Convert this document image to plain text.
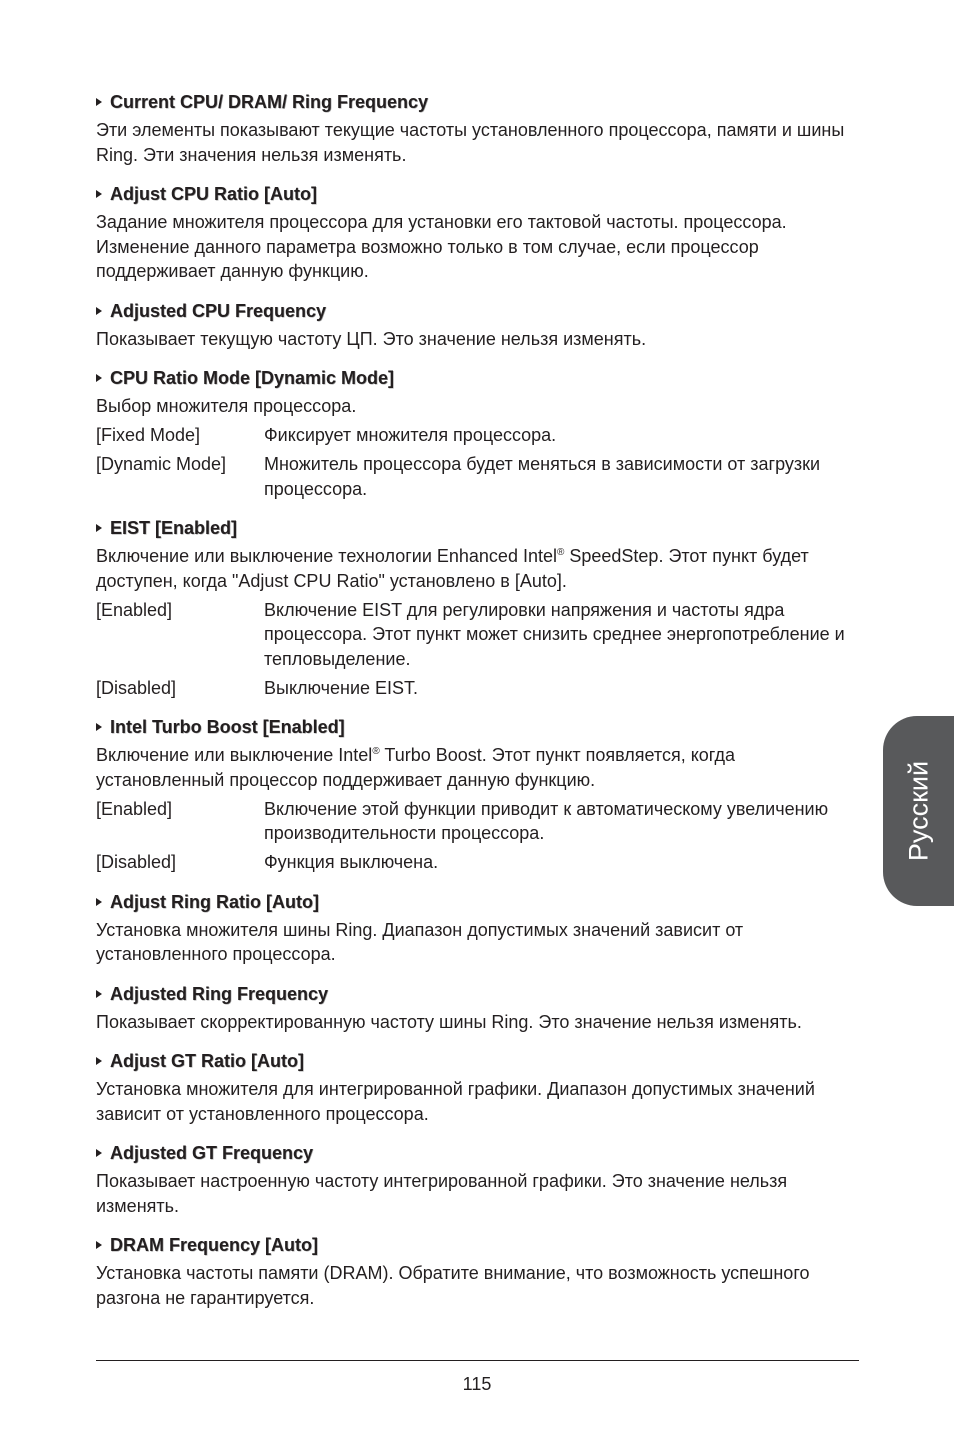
Current CPU/ DRAM/ Ring Frequency
Эти элементы показывают текущие частоты установленного процессора, памяти и шины Ring. Эти значения нельзя изменять.
Adjust CPU Ratio [Auto]
Задание множителя процессора для установки его тактовой частоты. процессора. Изменение данного параметра возможно только в том случае, если процессор поддерживает данную функцию.
Adjusted CPU Frequency
Показывает текущую частоту ЦП. Это значение нельзя изменять.
CPU Ratio Mode [Dynamic Mode]
Выбор множителя процессора.
[Fixed Mode]	Фиксирует множителя процессора.
[Dynamic Mode]	Множитель процессора будет меняться в зависимости от загрузки процессора.
EIST [Enabled]
Включение или выключение технологии Enhanced Intel® SpeedStep. Этот пункт будет доступен, когда "Adjust CPU Ratio" установлено в [Auto].
[Enabled]	Включение EIST для регулировки напряжения и частоты ядра процессора. Этот пункт может снизить среднее энергопотребление и тепловыделение.
[Disabled]	Выключение EIST.
Intel Turbo Boost [Enabled]
Включение или выключение Intel® Turbo Boost. Этот пункт появляется, когда установленный процессор поддерживает данную функцию.
[Enabled]	Включение этой функции приводит к автоматическому увеличению производительности процессора.
[Disabled]	Функция выключена.
Adjust Ring Ratio [Auto]
Установка множителя шины Ring. Диапазон допустимых значений зависит от установленного процессора.
Adjusted Ring Frequency
Показывает скорректированную частоту шины Ring. Это значение нельзя изменять.
Adjust GT Ratio [Auto]
Установка множителя для интегрированной графики. Диапазон допустимых значений зависит от установленного процессора.
Adjusted GT Frequency
Показывает настроенную частоту интегрированной графики. Это значение нельзя изменять.
DRAM Frequency [Auto]
Установка частоты памяти (DRAM). Обратите внимание, что возможность успешного разгона не гарантируется.
Русский
115
